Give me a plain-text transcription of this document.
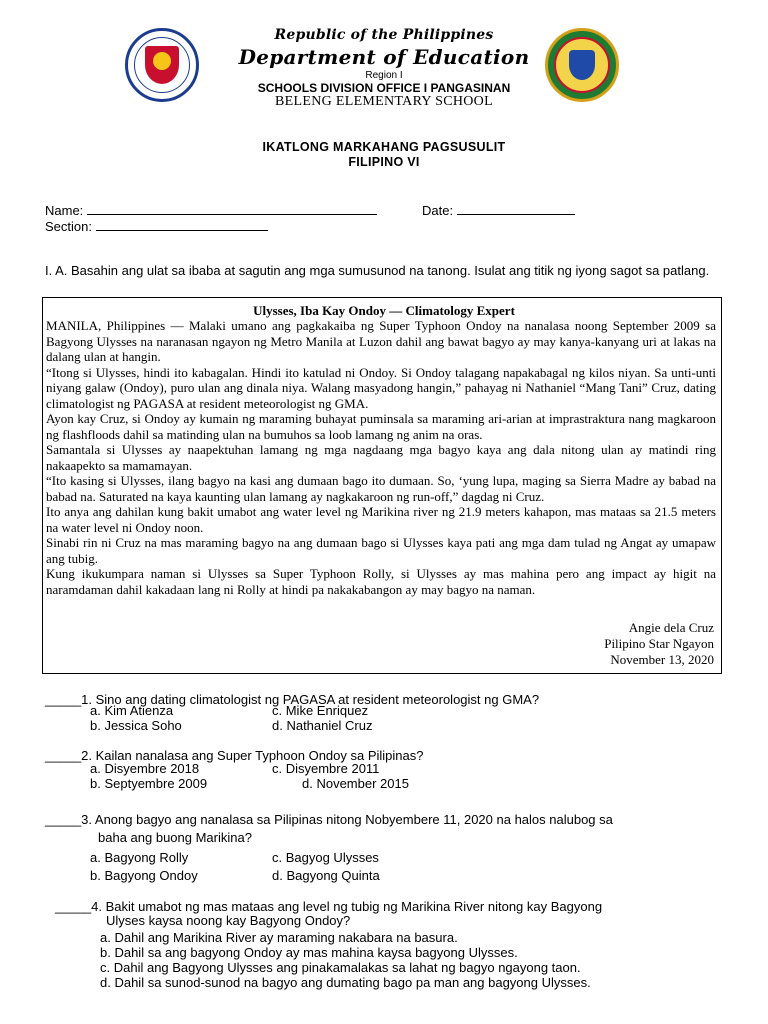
Republic of the Philippines
Department of Education
Region I
SCHOOLS DIVISION OFFICE I PANGASINAN
BELENG ELEMENTARY SCHOOL
IKATLONG MARKAHANG PAGSUSULIT
FILIPINO VI
Name:	Date:
Section:
I. A. Basahin ang ulat sa ibaba at sagutin ang mga sumusunod na tanong. Isulat ang titik ng iyong sagot sa patlang.
Ulysses, Iba Kay Ondoy — Climatology Expert

MANILA, Philippines — Malaki umano ang pagkakaiba ng Super Typhoon Ondoy na nanalasa noong September 2009 sa Bagyong Ulysses na naranasan ngayon ng Metro Manila at Luzon dahil ang bawat bagyo ay may kanya-kanyang uri at lakas na dalang ulan at hangin.

“Itong si Ulysses, hindi ito kabagalan. Hindi ito katulad ni Ondoy. Si Ondoy talagang napakabagal ng kilos niyan. Sa unti-unti niyang galaw (Ondoy), puro ulan ang dinala niya. Walang masyadong hangin,” pahayag ni Nathaniel “Mang Tani” Cruz, dating climatologist ng PAGASA at resident meteorologist ng GMA.

Ayon kay Cruz, si Ondoy ay kumain ng maraming buhayat puminsala sa maraming ari-arian at imprastraktura nang magkaroon ng flashfloods dahil sa matinding ulan na bumuhos sa loob lamang ng anim na oras.

Samantala si Ulysses ay naapektuhan lamang ng mga nagdaang mga bagyo kaya ang dala nitong ulan ay matindi ring nakaapekto sa mamamayan.

“Ito kasing si Ulysses, ilang bagyo na kasi ang dumaan bago ito dumaan. So, ‘yung lupa, maging sa Sierra Madre ay babad na babad na. Saturated na kaya kaunting ulan lamang ay nagkakaroon ng run-off,” dagdag ni Cruz.

Ito anya ang dahilan kung bakit umabot ang water level ng Marikina river ng 21.9 meters kahapon, mas mataas sa 21.5 meters na water level ni Ondoy noon.

Sinabi rin ni Cruz na mas maraming bagyo na ang dumaan bago si Ulysses kaya pati ang mga dam tulad ng Angat ay umapaw ang tubig.

Kung ikukumpara naman si Ulysses sa Super Typhoon Rolly, si Ulysses ay mas mahina pero ang impact ay higit na naramdaman dahil kakadaan lang ni Rolly at hindi pa nakakabangon ay may bagyo na naman.

Angie dela Cruz
Pilipino Star Ngayon
November 13, 2020
_____1. Sino ang dating climatologist ng PAGASA at resident meteorologist ng GMA?
a. Kim Atienza	c. Mike Enriquez
b. Jessica Soho	d. Nathaniel Cruz
_____2. Kailan nanalasa ang Super Typhoon Ondoy sa Pilipinas?
a. Disyembre 2018	c. Disyembre 2011
b. Septyembre 2009	d. November 2015
_____3. Anong bagyo ang nanalasa sa Pilipinas nitong Nobyembere 11, 2020 na halos nalubog sa
baha ang buong Marikina?
a. Bagyong Rolly	c. Bagyog Ulysses
b. Bagyong Ondoy	d. Bagyong Quinta
_____4. Bakit umabot ng mas mataas ang level ng tubig ng Marikina River nitong kay Bagyong
Ulyses kaysa noong kay Bagyong Ondoy?
a. Dahil ang Marikina River ay maraming nakabara na basura.
b. Dahil sa ang bagyong Ondoy ay mas mahina kaysa bagyong Ulysses.
c. Dahil ang Bagyong Ulysses ang pinakamalakas sa lahat ng bagyo ngayong taon.
d. Dahil sa sunod-sunod na bagyo ang dumating bago pa man ang bagyong Ulysses.
